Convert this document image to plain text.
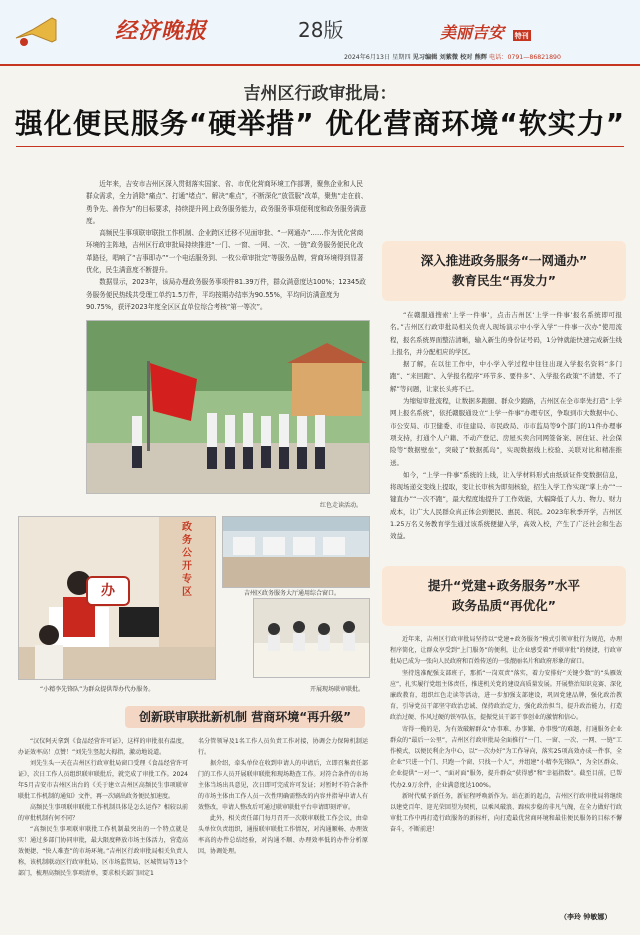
经济晚报	28版	美丽吉安 特刊
2024年6月13日 星期四 见习编辑 刘紫微 校对 熊辉 电话：0791—86821890
吉州区行政审批局：
强化便民服务“硬举措” 优化营商环境“软实力”

近年来，吉安市吉州区深入贯彻落实国家、省、市优化营商环境工作部署，聚焦企业和人民群众需求，全力消除“痛点”、打通“堵点”、解决“难点”，不断深化“放管服”改革，聚焦“走在前、勇争先、善作为”的目标要求，持续提升网上政务服务能力，政务服务事项便利度和政务服务满意度。

高频民生事项联审联批工作机制、企业跨区迁移不见面审批、“一网通办”……作为优化营商环境的主阵地，吉州区行政审批局持续推进“一门、一窗、一网、一次、一链”政务服务便民化改革路径，唱响了“吉事即办”“一个电话服务到、一枚公章审批完”等服务品牌，营商环境得到显著优化，民生满意度不断提升。

数据显示，2023年，该局办理政务服务事项件81.39万件，群众满意度达100%；12345政务服务便民热线共受理工单约1.5万件，平均按期办结率为90.55%，平均问访满意度为90.75%，获评2023年度全区区直单位综合考核“第一等次”。

红色走读活动。
政务公开专区
办
“小精李先锋队”为群众提供帮办代办服务。
吉州区政务服务大厅通用综合窗口。
开展现场联审联批。
深入推进政务服务“一网通办”
教育民生“再发力”

“在赣服通搜索‘上学一件事’，点击吉州区‘上学一件事’报名系统即可报名。”吉州区行政审批局相关负责人现场演示中小学入学“一件事一次办”使用流程，报名系统界面整洁清晰，输入新生的身份证号码，1分钟就能快速完成新生线上报名，并分配相应的学区。

据了解，在以往工作中，中小学入学过程中往往出现入学报名资料“多门跑”、“来回跑”、入学报名程序“环节多、要件多”、入学报名政策“不清楚、不了解”等问题，让家长头疼不已。

为缩短审批流程，让数据多跑腿、群众少跑路，吉州区在全市率先打造“上学网上报名系统”，依托赣服通设立“上学一件事”办理专区，争取到市大数据中心、市公安局、市卫健委、市住建局、市民政局、市市监局等9个部门的11件办理事项支持，打通个人户籍、不动产登记、房屋买卖合同网签备案、居住证、社会保险等“数据壁垒”，突破了“数据孤岛”，实现数据线上校验、关联对比和精准推送。

如今，“上学一件事”系统的上线，让入学材料形式由纸质证件变数据信息，将现场递交变线上提取，变让长审核为即刻核验，招生入学工作实现“掌上办”“一键直办”“一次不跑”，最大程度地提升了工作效能，大幅降低了人力、物力、财力成本，让广大人民群众真正体会到便民、惠民、利民。2023年秋季开学，吉州区1.25万名义务教育学生通过该系统便捷入学，高效入校，产生了广泛社会和生态效益。

提升“党建+政务服务”水平
政务品质“再优化”

近年来，吉州区行政审批局坚持以“党建+政务服务”模式引领审批行为规范，办理程序简化，让群众享受到“上门服务”的便利，让企业感受着“并联审批”的便捷，行政审批局已成为一张向人民政府和百姓传送的一张靓丽名片和政府形象的窗口。

坚持选准配强支部班子，那抓“一岗双责”落实，着力安排好“关键少数”的“头雁效应”，扎实履行党组主体责任，推进机关党的建设高质量发展。开展整治知识竞赛、深化廉政教育，组织红色走读等活动，进一步加强支部建设，巩固党建品牌，强化政治教育，引导党员干部坚守政治忠诚、保持政治定力，强化政治担当，提升政治能力，打造政治过硬、作风过硬的铁军队伍，提振党员干部干事创业的激情和信心。

寄得一揽的是，为有效破解群众“办事难、办事繁、办事慢”的难题，打通服务企业群众的“最后一公里”，吉州区行政审批局全面推行“一门、一窗、一次、一网、一链”工作模式，以便民利企为中心，以“一次办好”为工作导向，落实25项高效办成一件事，全企业“只进一个门、只跑一个窗、只找一个人”，并组建“小精李先锋队”，为全区群众、企业提供“一对一”、“面对面”服务，提升群众“获得感”和“幸福指数”。截至目前，已帮代办2.9万余件，企业满意度达100%。

新时代赋予新任务，新征程呼唤新作为。站在新的起点，吉州区行政审批局将继续以建党百年、迎光荣回望为契机，以乘风破浪、蹄疾步稳的非凡气魄，在全力做好行政审批工作中再打造行政服务的新标杆，向打造最优营商环境和最佳便民服务的目标不懈奋斗，不断前进！

（李玲 钟敏娜）
创新联审联批新机制 营商环境“再升级”

“汉仪阿天拿到《食品经营许可证》，这样的审批很有温度，办证效率高！点赞！”刘先生竖起大拇指，激动地说道。

刘先生头一天在吉州区行政审批局窗口受理《食品经营许可证》，次日工作人员组织联审联批后，就完成了审批工作。2024年5月吉安市吉州区出台的《关于建立吉州区高频民生事项联审联批工作机制的通知》文件，再一次刷出政务便民加速度。

高频民生事项联审联批工作机制具体是怎么运作？相较以前的审批机制有何不同？

“高频民生事项联审联批工作机制最突出的一个特点就是实！通过多部门协同审批，最大限度释放市场主体活力，营造高效便捷、“快人难查”的市场环境。”吉州区行政审批局相关负责人称，该机制联动区行政审批局、区市场监管局、区城管局等13个部门，梳理高频民生事项清单，要求相关部门固定1

名分管领导及1名工作人员负责工作对接，协调会力保障机制运行。

据介绍，牵头单位在收到申请人的申请后，立即召集责任部门的工作人员开展联审联批和现场勘查工作。对符合条件的市场主体当场出具意见，次日即可完成许可发证；对暂时不符合条件的市场主体由工作人员一次性明确需整改的内容并指导申请人有效整改，申请人整改后可通过联审联批平台申请即刻评审。

此外，相关责任部门每月召开一次联审联批工作会议，由牵头单位负责组织，通报联审联批工作情况，对沟通顺畅、办理效率高的办件总结经验，对沟通不顺、办理效率低的办件分析原因，协调处理。
